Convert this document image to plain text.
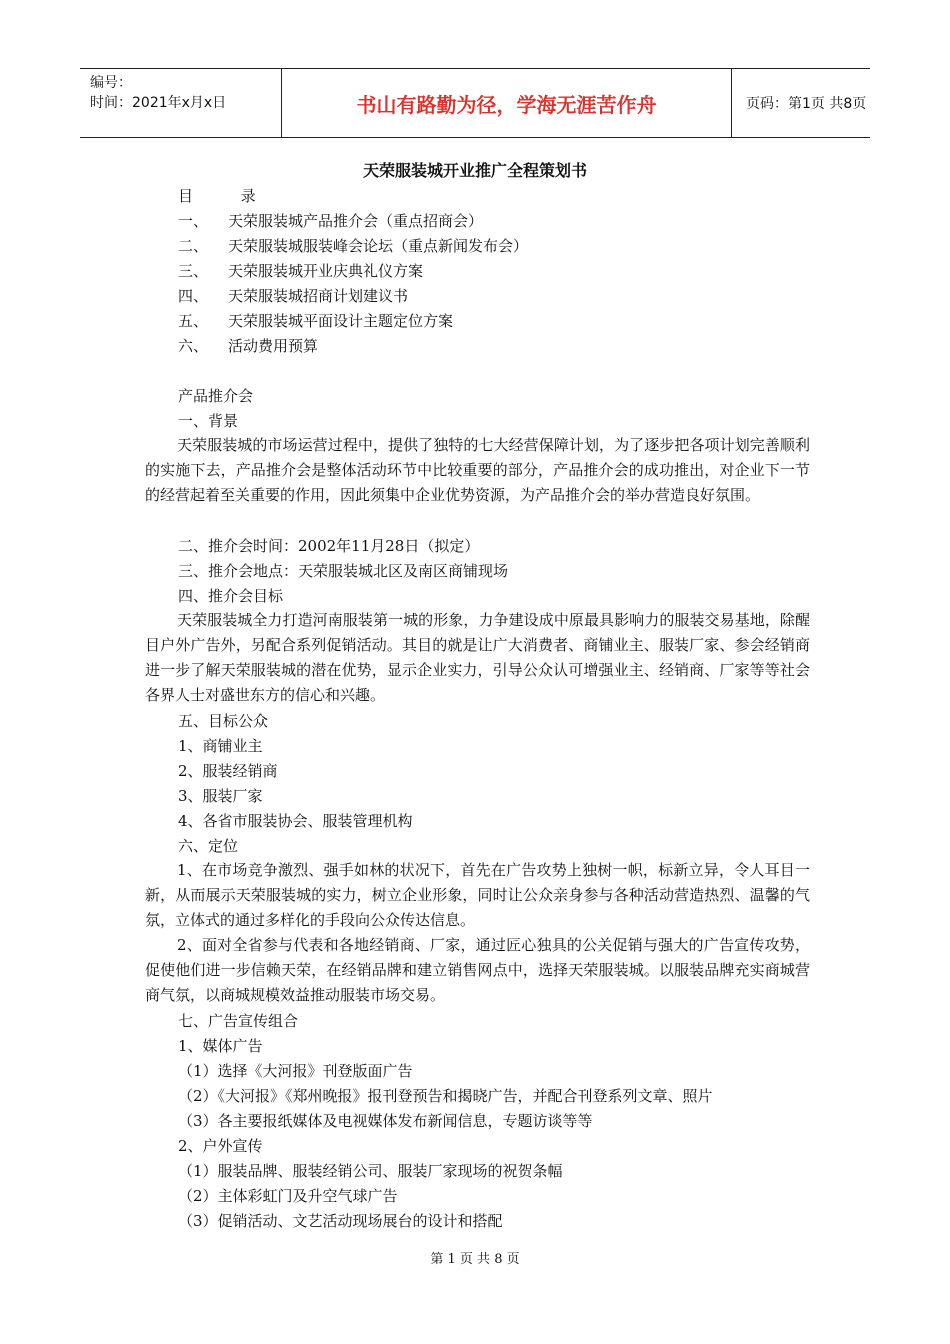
编号：
时间：2021年x月x日	书山有路勤为径，学海无涯苦作舟	页码：第1页 共8页
天荣服装城开业推广全程策划书
目          录
一、 天荣服装城产品推介会（重点招商会）
二、 天荣服装城服装峰会论坛（重点新闻发布会）
三、 天荣服装城开业庆典礼仪方案
四、 天荣服装城招商计划建议书
五、 天荣服装城平面设计主题定位方案
六、 活动费用预算
产品推介会
一、背景
天荣服装城的市场运营过程中，提供了独特的七大经营保障计划，为了逐步把各项计划完善顺利的实施下去，产品推介会是整体活动环节中比较重要的部分，产品推介会的成功推出，对企业下一节的经营起着至关重要的作用，因此须集中企业优势资源，为产品推介会的举办营造良好氛围。
二、推介会时间：2002年11月28日（拟定）
三、推介会地点：天荣服装城北区及南区商铺现场
四、推介会目标
天荣服装城全力打造河南服装第一城的形象，力争建设成中原最具影响力的服装交易基地，除醒目户外广告外，另配合系列促销活动。其目的就是让广大消费者、商铺业主、服装厂家、参会经销商进一步了解天荣服装城的潜在优势，显示企业实力，引导公众认可增强业主、经销商、厂家等等社会各界人士对盛世东方的信心和兴趣。
五、目标公众
1、商铺业主
2、服装经销商
3、服装厂家
4、各省市服装协会、服装管理机构
六、定位
1、在市场竞争激烈、强手如林的状况下，首先在广告攻势上独树一帜，标新立异，令人耳目一新，从而展示天荣服装城的实力，树立企业形象，同时让公众亲身参与各种活动营造热烈、温馨的气氛，立体式的通过多样化的手段向公众传达信息。
2、面对全省参与代表和各地经销商、厂家，通过匠心独具的公关促销与强大的广告宣传攻势，促使他们进一步信赖天荣，在经销品牌和建立销售网点中，选择天荣服装城。以服装品牌充实商城营商气氛，以商城规模效益推动服装市场交易。
七、广告宣传组合
1、媒体广告
（1）选择《大河报》刊登版面广告
（2）《大河报》《郑州晚报》报刊登预告和揭晓广告，并配合刊登系列文章、照片
（3）各主要报纸媒体及电视媒体发布新闻信息，专题访谈等等
2、户外宣传
（1）服装品牌、服装经销公司、服装厂家现场的祝贺条幅
（2）主体彩虹门及升空气球广告
（3）促销活动、文艺活动现场展台的设计和搭配
第 1 页 共 8 页
